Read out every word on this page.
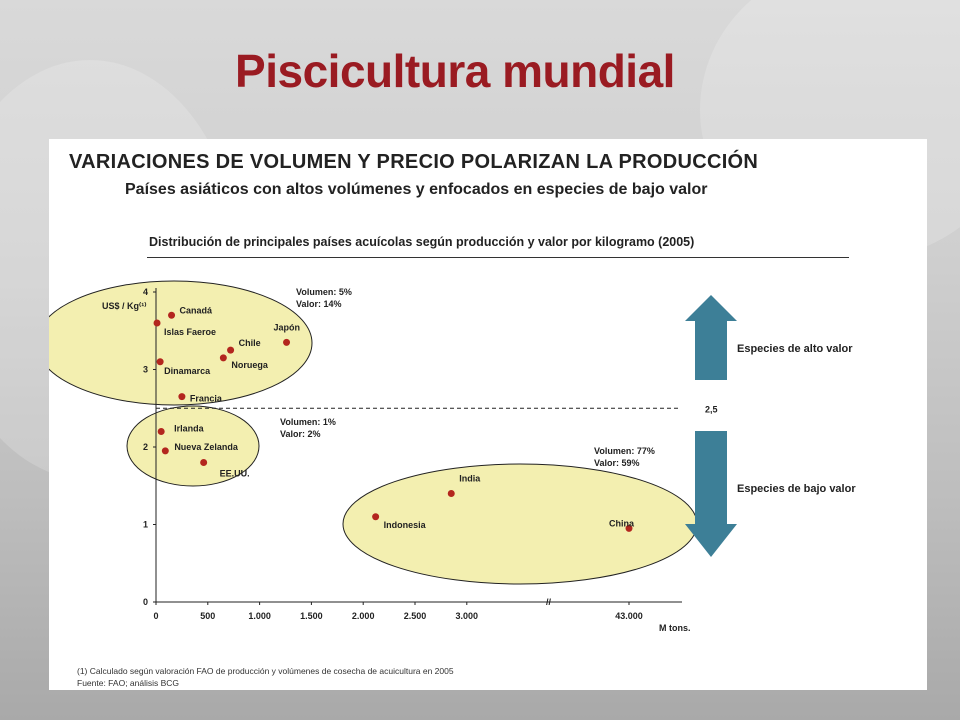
Piscicultura mundial
VARIACIONES DE VOLUMEN Y PRECIO POLARIZAN LA PRODUCCIÓN
Países asiáticos con altos volúmenes y enfocados en especies de bajo valor
Distribución de principales países acuícolas según producción y valor por kilogramo (2005)
//
0
1
2
3
4
US$ / Kg⁽¹⁾
0	500	1.000	1.500	2.000	2.500	3.000	43.000
M tons.
2,5
Canadá
Islas Faeroe	Japón
Chile
Noruega
Dinamarca
Francia
Irlanda
Nueva Zelanda
EE.UU.	India
Indonesia	China
Volumen: 5%
Valor: 14%
Volumen: 1%
Valor: 2%
Volumen: 77%
Valor: 59%
Especies de alto valor
Especies de bajo valor
(1) Calculado según valoración FAO de producción y volúmenes de cosecha de acuicultura en 2005
Fuente: FAO; análisis BCG
